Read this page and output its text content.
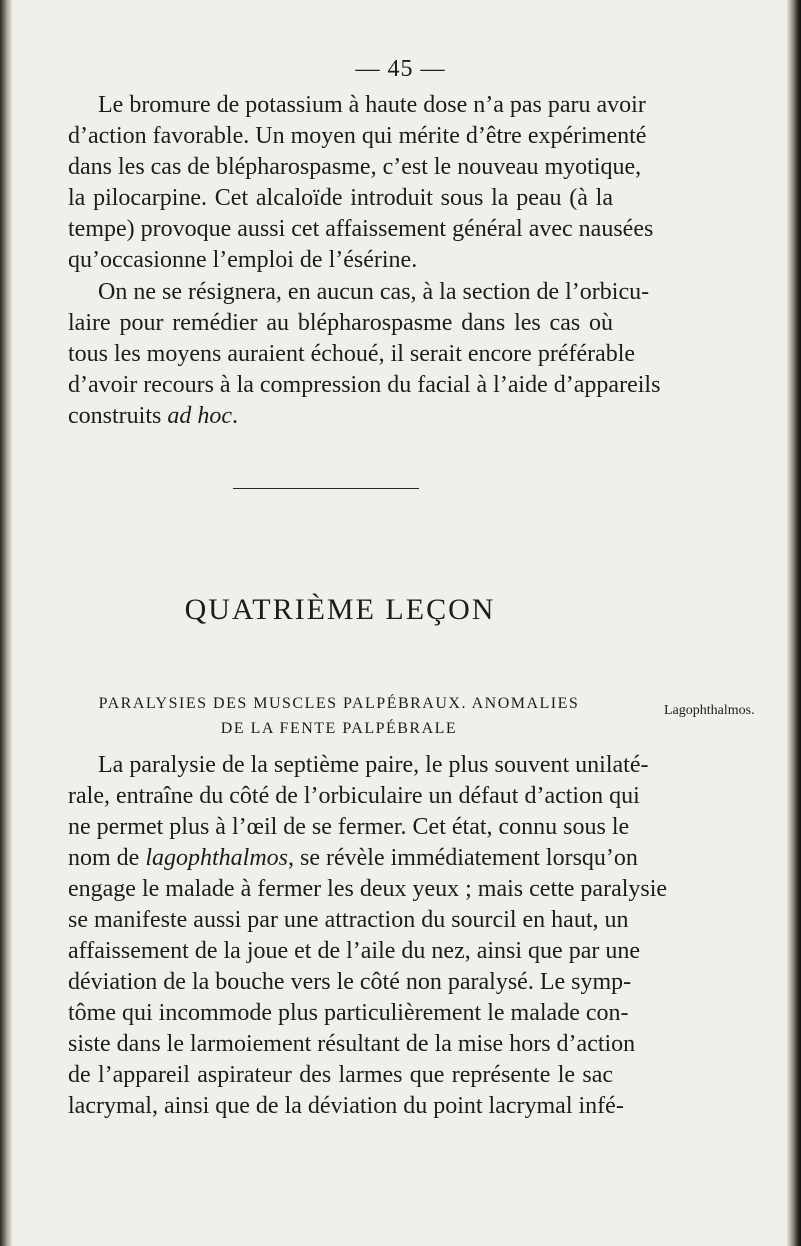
— 45 —

Le bromure de potassium à haute dose n’a pas paru avoir
d’action favorable. Un moyen qui mérite d’être expérimenté
dans les cas de blépharospasme, c’est le nouveau myotique,
la pilocarpine. Cet alcaloïde introduit sous la peau (à la
tempe) provoque aussi cet affaissement général avec nausées
qu’occasionne l’emploi de l’ésérine.

On ne se résignera, en aucun cas, à la section de l’orbicu-
laire pour remédier au blépharospasme dans les cas où
tous les moyens auraient échoué, il serait encore préférable
d’avoir recours à la compression du facial à l’aide d’appareils
construits ad hoc.

QUATRIÈME LEÇON

PARALYSIES DES MUSCLES PALPÉBRAUX. ANOMALIES

DE LA FENTE PALPÉBRALE

Lagophthalmos.

La paralysie de la septième paire, le plus souvent unilaté-
rale, entraîne du côté de l’orbiculaire un défaut d’action qui
ne permet plus à l’œil de se fermer. Cet état, connu sous le
nom de lagophthalmos, se révèle immédiatement lorsqu’on
engage le malade à fermer les deux yeux ; mais cette paralysie
se manifeste aussi par une attraction du sourcil en haut, un
affaissement de la joue et de l’aile du nez, ainsi que par une
déviation de la bouche vers le côté non paralysé. Le symp-
tôme qui incommode plus particulièrement le malade con-
siste dans le larmoiement résultant de la mise hors d’action
de l’appareil aspirateur des larmes que représente le sac
lacrymal, ainsi que de la déviation du point lacrymal infé-
